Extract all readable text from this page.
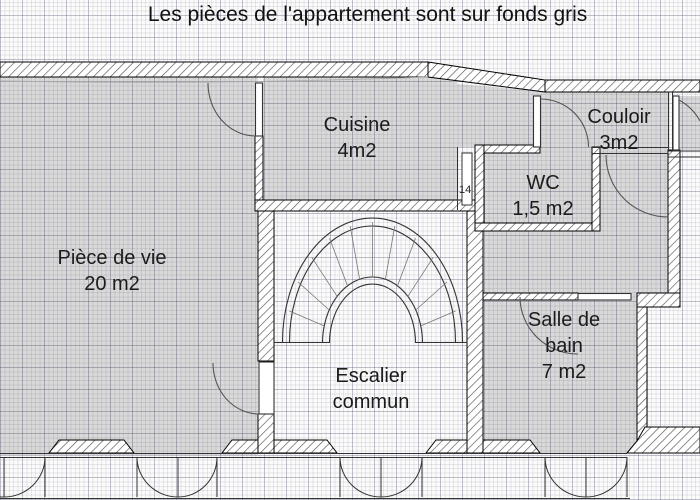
Les pièces de l'appartement sont sur fonds gris
Pièce de vie
20 m2
Cuisine
4m2
Couloir
3m2
WC
1,5 m2
Salle de bain
7 m2
Escalier commun
14
